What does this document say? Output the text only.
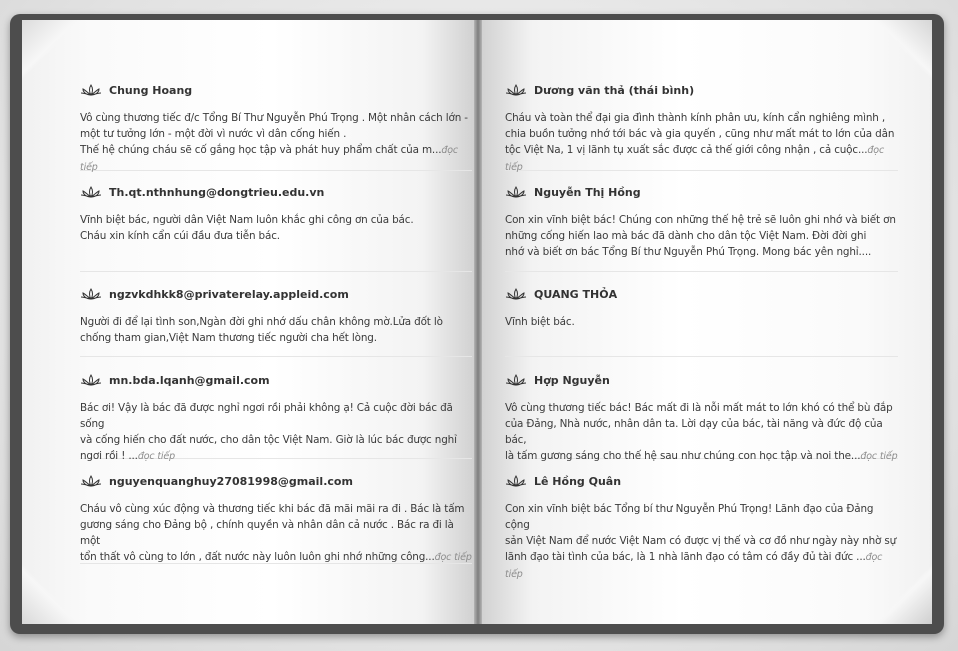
Chung Hoang
Vô cùng thương tiếc đ/c Tổng Bí Thư Nguyễn Phú Trọng . Một nhân cách lớn -
một tư tưởng lớn - một đời vì nước vì dân cống hiến .
Thế hệ chúng cháu sẽ cố gắng học tập và phát huy phẩm chất của m...đọc tiếp
Th.qt.nthnhung@dongtrieu.edu.vn
Vĩnh biệt bác, người dân Việt Nam luôn khắc ghi công ơn của bác.
Cháu xin kính cẩn cúi đầu đưa tiễn bác.
ngzvkdhkk8@privaterelay.appleid.com
Người đi để lại tình son,Ngàn đời ghi nhớ dấu chân không mờ.Lửa đốt lò
chống tham gian,Việt Nam thương tiếc người cha hết lòng.
mn.bda.lqanh@gmail.com
Bác ơi! Vậy là bác đã được nghỉ ngơi rồi phải không ạ! Cả cuộc đời bác đã sống
và cống hiến cho đất nước, cho dân tộc Việt Nam. Giờ là lúc bác được nghỉ
ngơi rồi ! ...đọc tiếp
nguyenquanghuy27081998@gmail.com
Cháu vô cùng xúc động và thương tiếc khi bác đã mãi mãi ra đi . Bác là tấm
gương sáng cho Đảng bộ , chính quyền và nhân dân cả nước . Bác ra đi là một
tổn thất vô cùng to lớn , đất nước này luôn luôn ghi nhớ những công...đọc tiếp
Dương văn thả (thái bình)
Cháu và toàn thể đại gia đình thành kính phân ưu, kính cẩn nghiêng mình ,
chia buồn tưởng nhớ tới bác và gia quyến , cũng như mất mát to lớn của dân
tộc Việt Na, 1 vị lãnh tụ xuất sắc được cả thế giới công nhận , cả cuộc...đọc tiếp
Nguyễn Thị Hồng
Con xin vĩnh biệt bác! Chúng con những thế hệ trẻ sẽ luôn ghi nhớ và biết ơn
những cống hiến lao mà bác đã dành cho dân tộc Việt Nam. Đời đời ghi
nhớ và biết ơn bác Tổng Bí thư Nguyễn Phú Trọng. Mong bác yên nghỉ....
QUANG THỎA
Vĩnh biệt bác.
Hợp Nguyễn
Vô cùng thương tiếc bác! Bác mất đi là nỗi mất mát to lớn khó có thể bù đắp
của Đảng, Nhà nước, nhân dân ta. Lời dạy của bác, tài năng và đức độ của bác,
là tấm gương sáng cho thế hệ sau như chúng con học tập và noi the...đọc tiếp
Lê Hồng Quân
Con xin vĩnh biệt bác Tổng bí thư Nguyễn Phú Trọng! Lãnh đạo của Đảng cộng
sản Việt Nam để nước Việt Nam có được vị thế và cơ đồ như ngày này nhờ sự
lãnh đạo tài tình của bác, là 1 nhà lãnh đạo có tâm có đầy đủ tài đức ...đọc tiếp
